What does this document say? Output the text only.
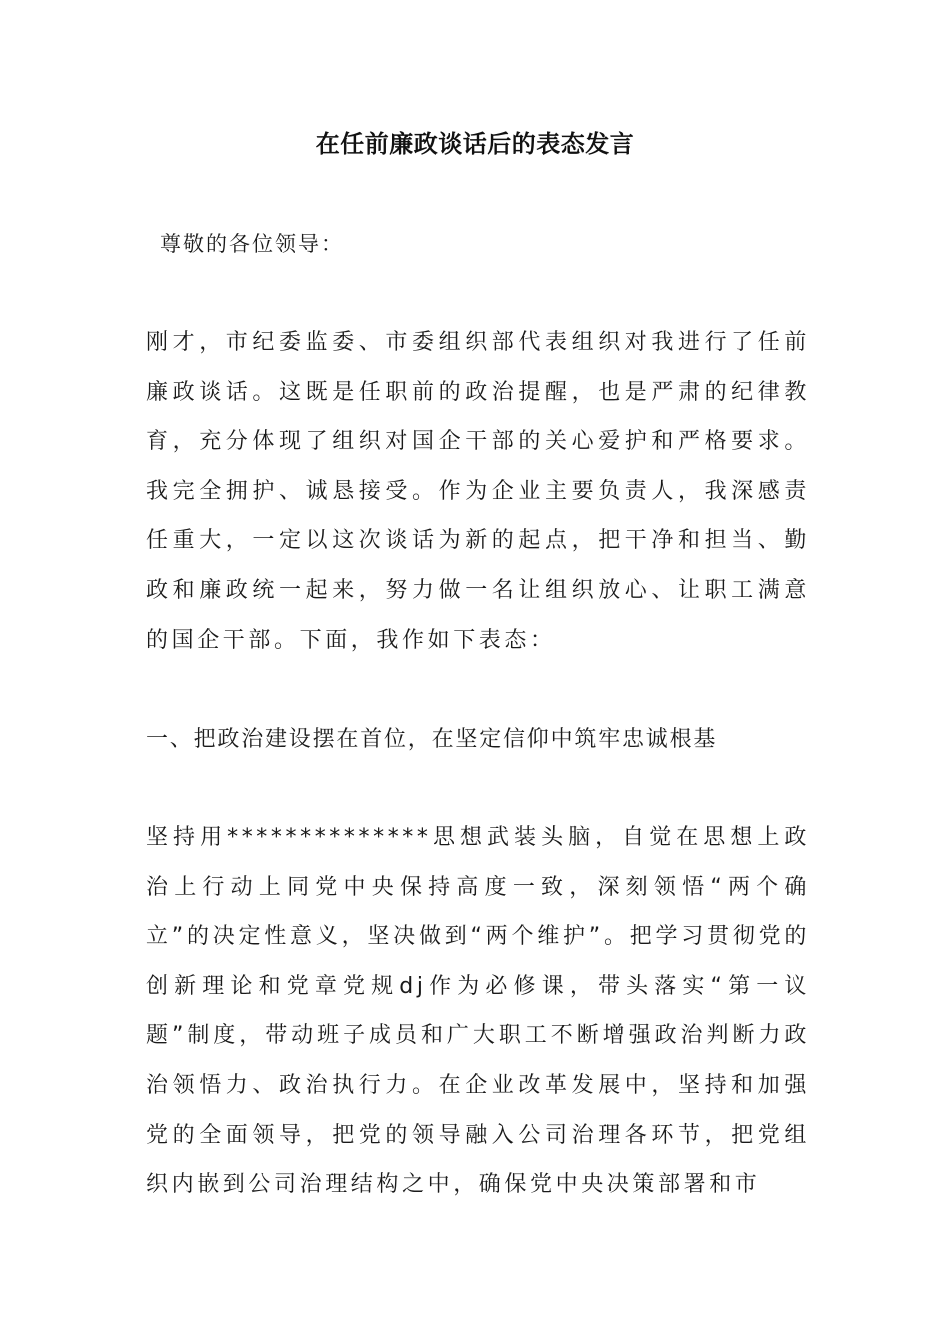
在任前廉政谈话后的表态发言
尊敬的各位领导：

刚才，市纪委监委、市委组织部代表组织对我进行了任前廉政谈话。这既是任职前的政治提醒，也是严肃的纪律教育，充分体现了组织对国企干部的关心爱护和严格要求。我完全拥护、诚恳接受。作为企业主要负责人，我深感责任重大，一定以这次谈话为新的起点，把干净和担当、勤政和廉政统一起来，努力做一名让组织放心、让职工满意的国企干部。下面，我作如下表态：

一、把政治建设摆在首位，在坚定信仰中筑牢忠诚根基

坚持用**************思想武装头脑，自觉在思想上政治上行动上同党中央保持高度一致，深刻领悟“两个确立”的决定性意义，坚决做到“两个维护”。把学习贯彻党的创新理论和党章党规dj作为必修课，带头落实“第一议题”制度，带动班子成员和广大职工不断增强政治判断力政治领悟力、政治执行力。在企业改革发展中，坚持和加强党的全面领导，把党的领导融入公司治理各环节，把党组织内嵌到公司治理结构之中，确保党中央决策部署和市
